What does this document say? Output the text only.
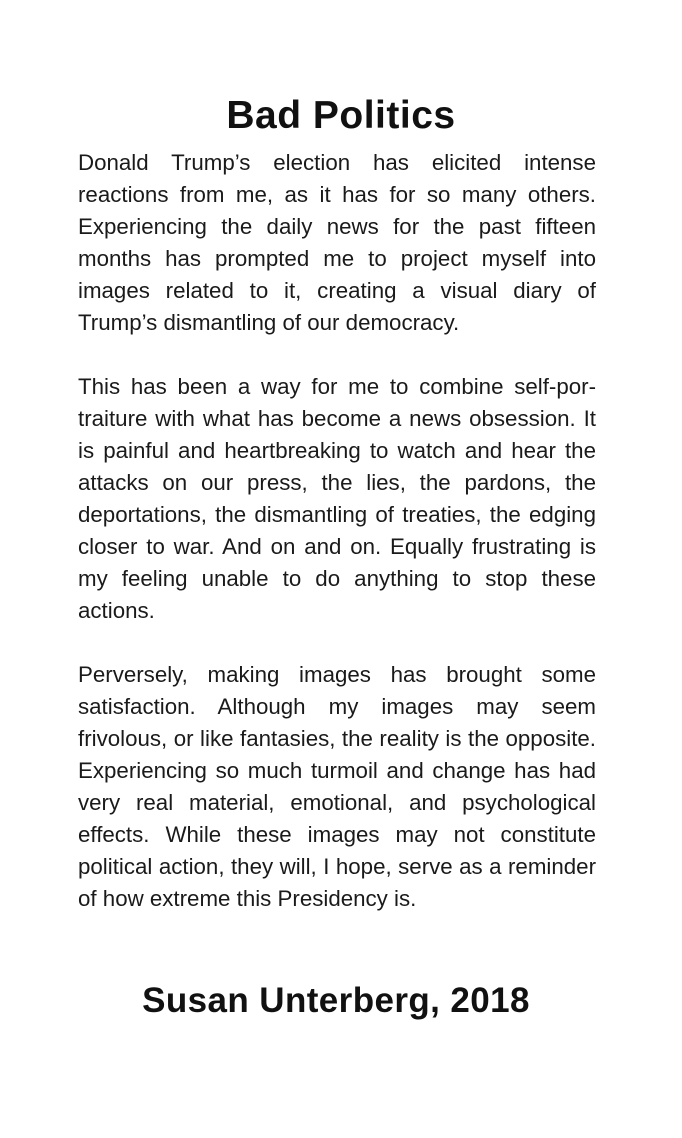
Bad Politics

Donald Trump’s election has elicited intense reactions from me, as it has for so many others. Experiencing the daily news for the past fifteen months has prompted me to project myself into images related to it, creating a visual diary of Trump’s dismantling of our democracy.

This has been a way for me to combine self-portraiture with what has become a news obsession. It is painful and heartbreaking to watch and hear the attacks on our press, the lies, the pardons, the deportations, the dismantling of treaties, the edging closer to war. And on and on. Equally frustrating is my feeling unable to do anything to stop these actions.

Perversely, making images has brought some satisfaction. Although my images may seem frivolous, or like fantasies, the reality is the opposite. Experiencing so much turmoil and change has had very real material, emotional, and psychological effects. While these images may not constitute political action, they will, I hope, serve as a reminder of how extreme this Presidency is.

Susan Unterberg, 2018
